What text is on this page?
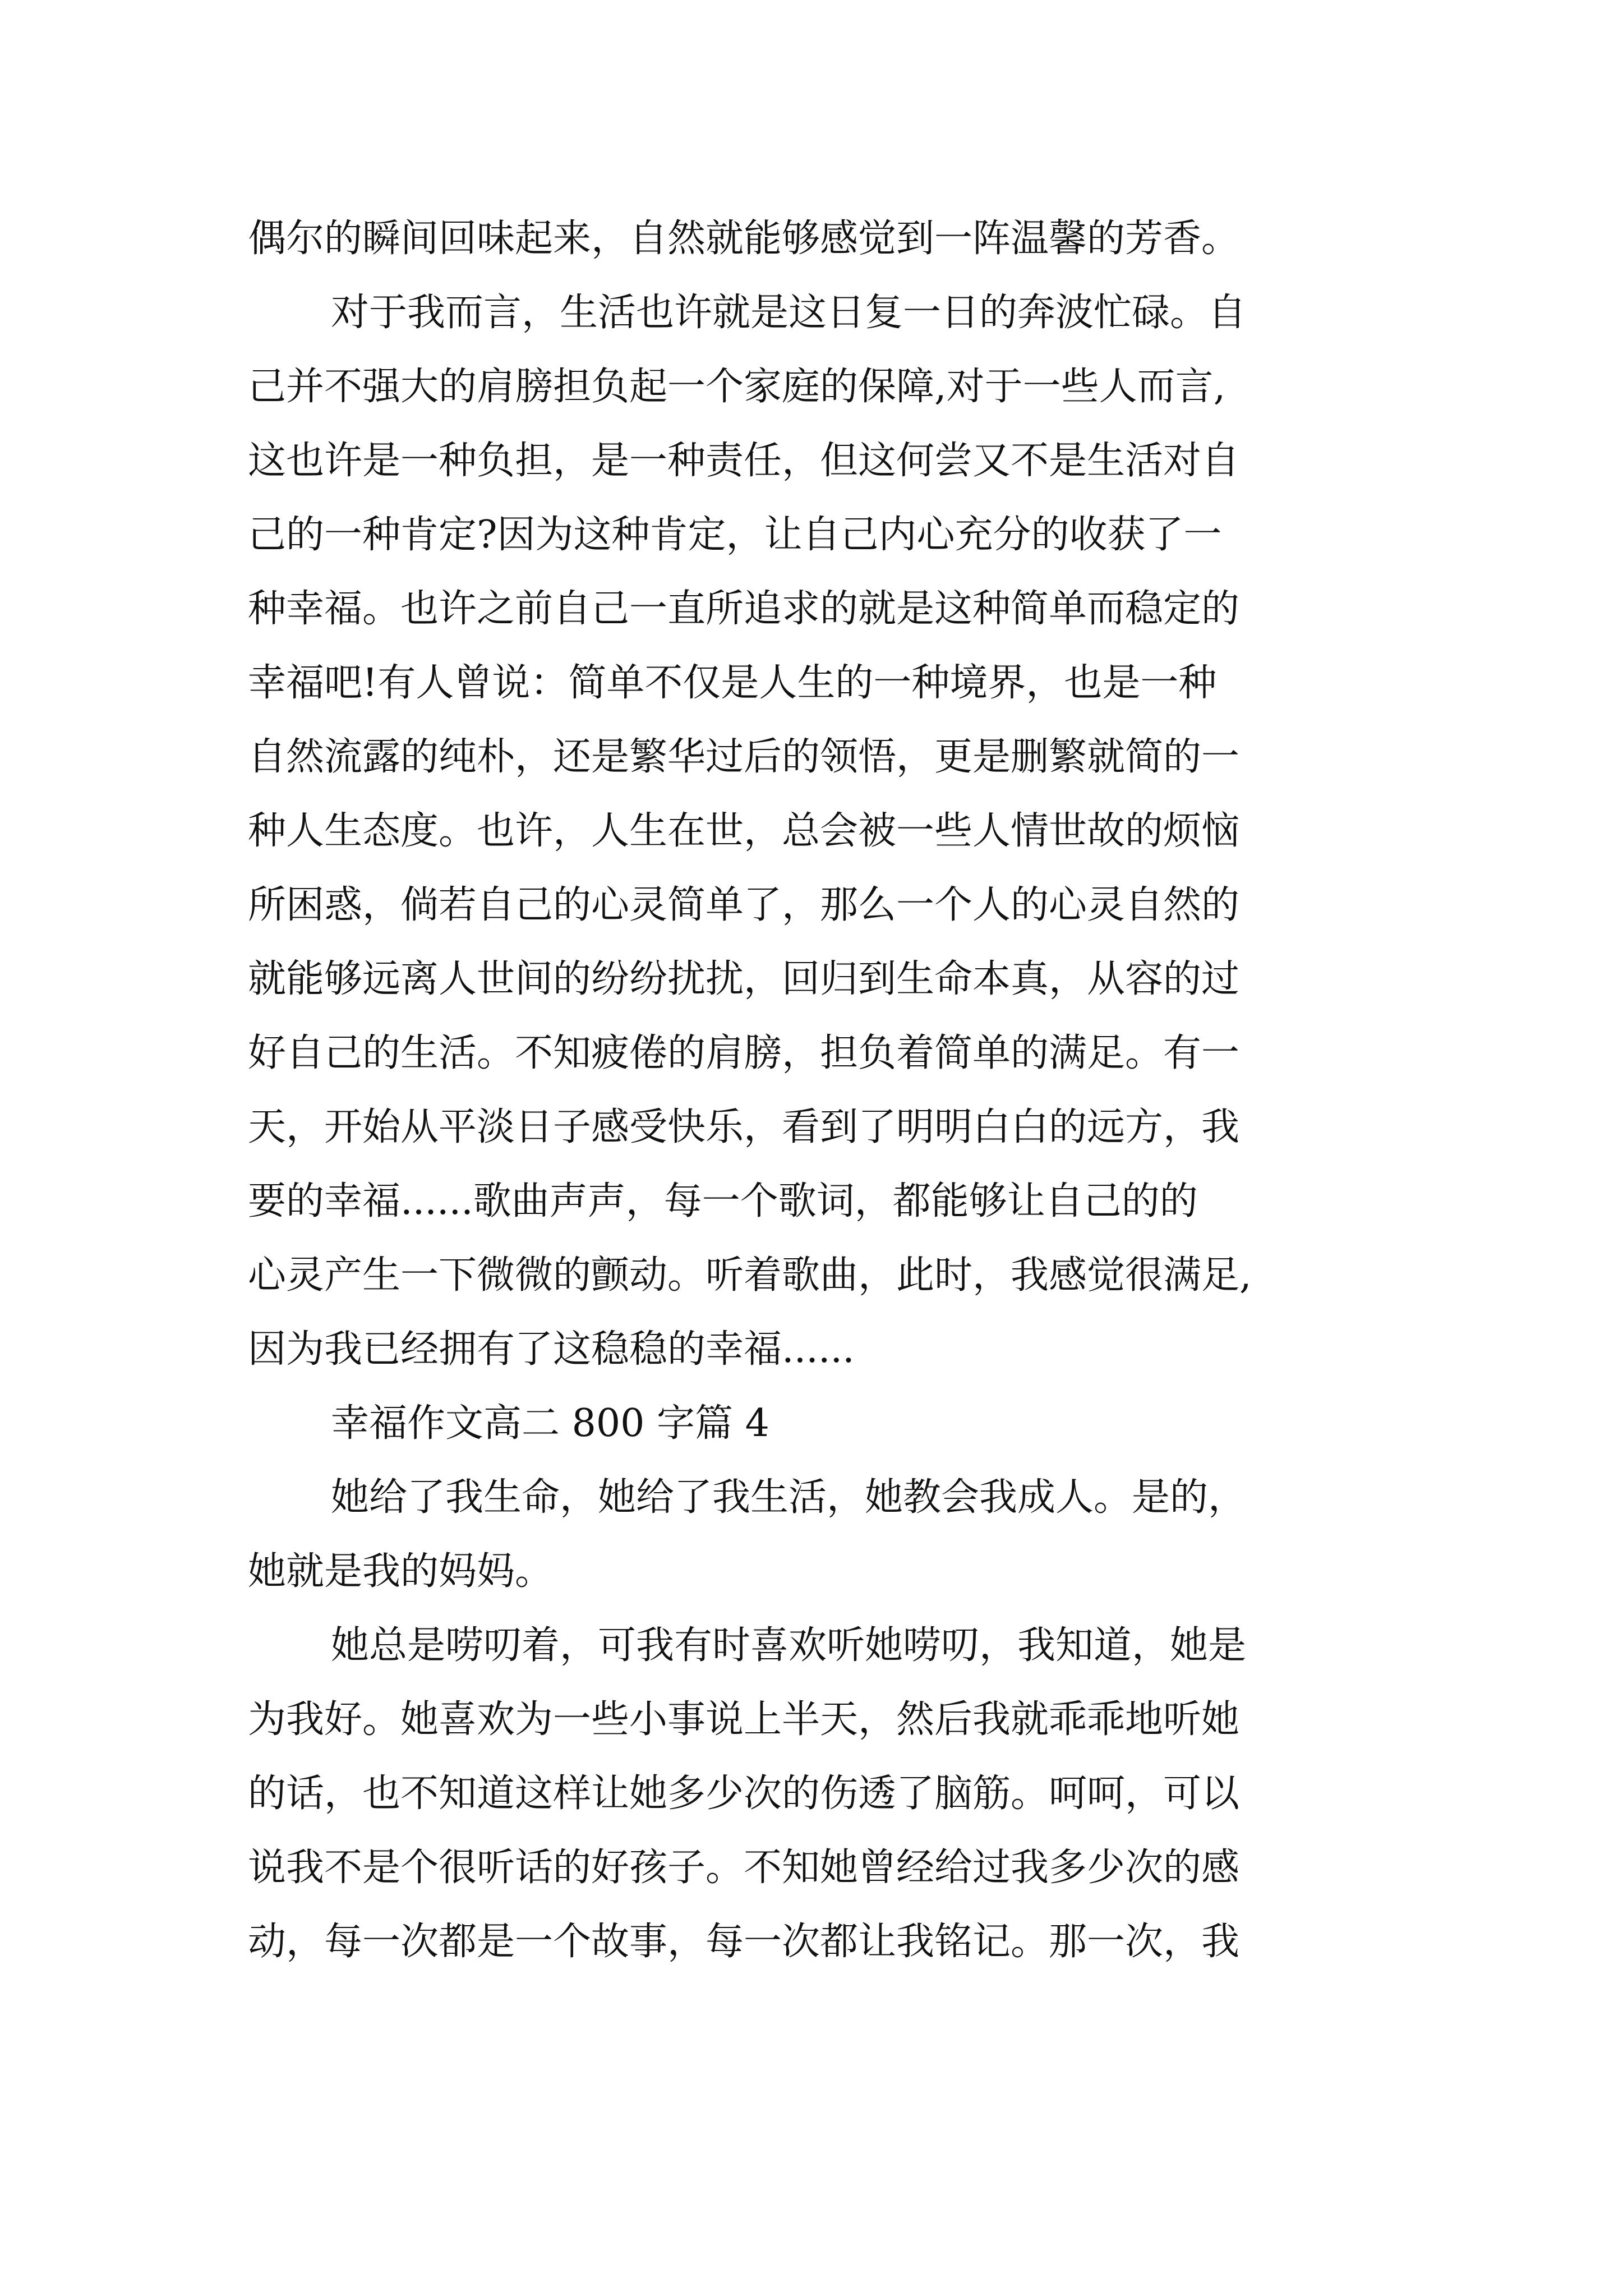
偶尔的瞬间回味起来，自然就能够感觉到一阵温馨的芳香。
对于我而言，生活也许就是这日复一日的奔波忙碌。自
己并不强大的肩膀担负起一个家庭的保障,对于一些人而言,
这也许是一种负担，是一种责任，但这何尝又不是生活对自
己的一种肯定?因为这种肯定，让自己内心充分的收获了一
种幸福。也许之前自己一直所追求的就是这种简单而稳定的
幸福吧!有人曾说：简单不仅是人生的一种境界，也是一种
自然流露的纯朴，还是繁华过后的领悟，更是删繁就简的一
种人生态度。也许，人生在世，总会被一些人情世故的烦恼
所困惑，倘若自己的心灵简单了，那么一个人的心灵自然的
就能够远离人世间的纷纷扰扰，回归到生命本真，从容的过
好自己的生活。不知疲倦的肩膀，担负着简单的满足。有一
天，开始从平淡日子感受快乐，看到了明明白白的远方，我
要的幸福......歌曲声声，每一个歌词，都能够让自己的的
心灵产生一下微微的颤动。听着歌曲，此时，我感觉很满足,
因为我已经拥有了这稳稳的幸福......
幸福作文高二 800 字篇 4
她给了我生命，她给了我生活，她教会我成人。是的，
她就是我的妈妈。
她总是唠叨着，可我有时喜欢听她唠叨，我知道，她是
为我好。她喜欢为一些小事说上半天，然后我就乖乖地听她
的话，也不知道这样让她多少次的伤透了脑筋。呵呵，可以
说我不是个很听话的好孩子。不知她曾经给过我多少次的感
动，每一次都是一个故事，每一次都让我铭记。那一次，我
